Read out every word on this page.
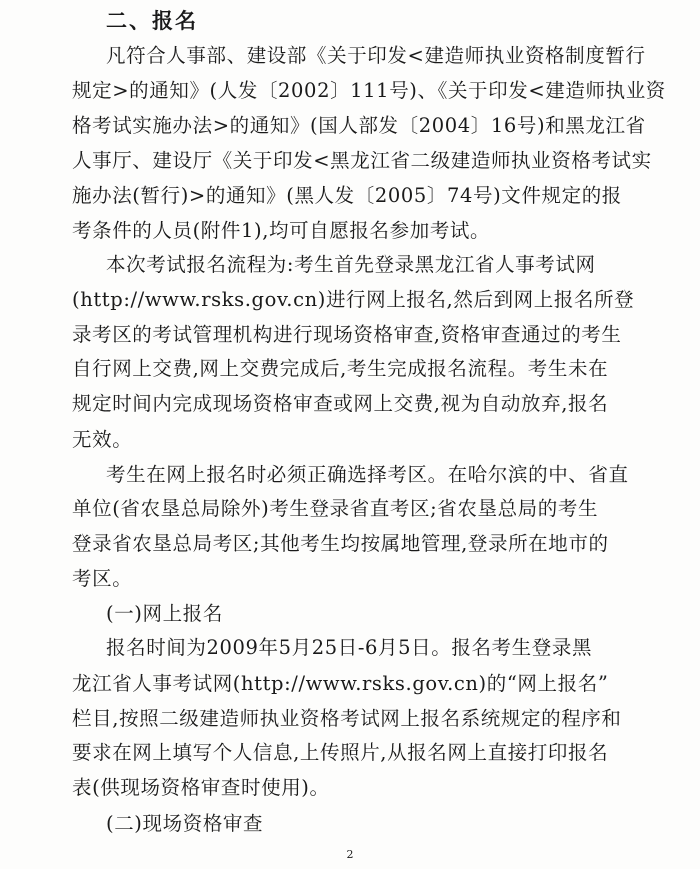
二、报名
凡符合人事部、建设部《关于印发<建造师执业资格制度暂行
规定>的通知》(人发〔2002〕111号)、《关于印发<建造师执业资
格考试实施办法>的通知》(国人部发〔2004〕16号)和黑龙江省
人事厅、建设厅《关于印发<黑龙江省二级建造师执业资格考试实
施办法(暂行)>的通知》(黑人发〔2005〕74号)文件规定的报
考条件的人员(附件1),均可自愿报名参加考试。
本次考试报名流程为:考生首先登录黑龙江省人事考试网
(http://www.rsks.gov.cn)进行网上报名,然后到网上报名所登
录考区的考试管理机构进行现场资格审查,资格审查通过的考生
自行网上交费,网上交费完成后,考生完成报名流程。考生未在
规定时间内完成现场资格审查或网上交费,视为自动放弃,报名
无效。
考生在网上报名时必须正确选择考区。在哈尔滨的中、省直
单位(省农垦总局除外)考生登录省直考区;省农垦总局的考生
登录省农垦总局考区;其他考生均按属地管理,登录所在地市的
考区。
(一)网上报名
报名时间为2009年5月25日-6月5日。报名考生登录黑
龙江省人事考试网(http://www.rsks.gov.cn)的“网上报名”
栏目,按照二级建造师执业资格考试网上报名系统规定的程序和
要求在网上填写个人信息,上传照片,从报名网上直接打印报名
表(供现场资格审查时使用)。
2
(二)现场资格审查
